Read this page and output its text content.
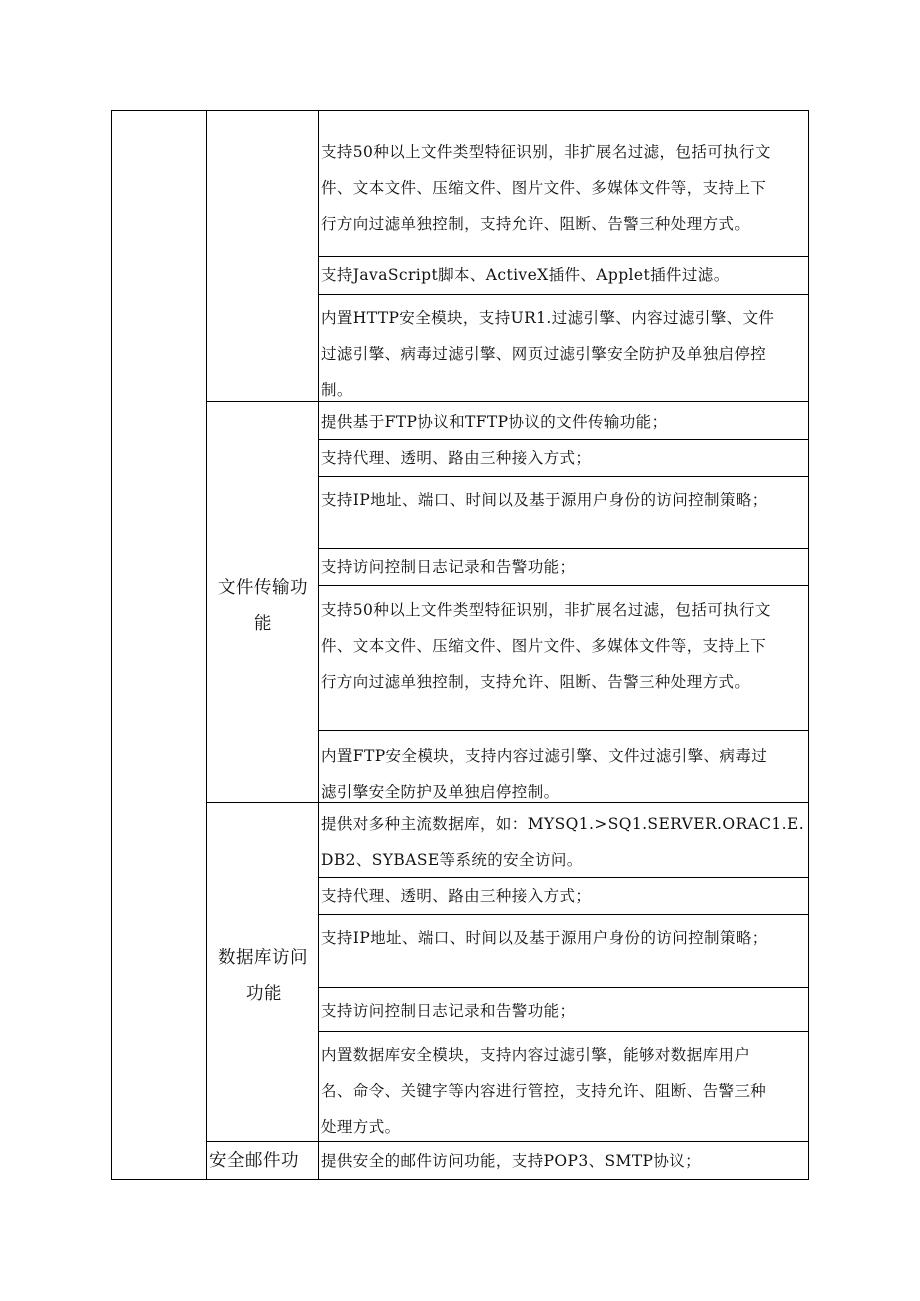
文件传输功
能
数据库访问
功能
安全邮件功
支持50种以上文件类型特征识别，非扩展名过滤，包括可执行文
件、文本文件、压缩文件、图片文件、多媒体文件等，支持上下
行方向过滤单独控制，支持允许、阻断、告警三种处理方式。
支持JavaScript脚本、ActiveX插件、Applet插件过滤。
内置HTTP安全模块，支持UR1.过滤引擎、内容过滤引擎、文件
过滤引擎、病毒过滤引擎、网页过滤引擎安全防护及单独启停控
制。
提供基于FTP协议和TFTP协议的文件传输功能；
支持代理、透明、路由三种接入方式；
支持IP地址、端口、时间以及基于源用户身份的访问控制策略；
支持访问控制日志记录和告警功能；
支持50种以上文件类型特征识别，非扩展名过滤，包括可执行文
件、文本文件、压缩文件、图片文件、多媒体文件等，支持上下
行方向过滤单独控制，支持允许、阻断、告警三种处理方式。
内置FTP安全模块，支持内容过滤引擎、文件过滤引擎、病毒过
滤引擎安全防护及单独启停控制。
提供对多种主流数据库，如：MYSQ1.>SQ1.SERVER.ORAC1.E.
DB2、SYBASE等系统的安全访问。
支持代理、透明、路由三种接入方式；
支持IP地址、端口、时间以及基于源用户身份的访问控制策略；
支持访问控制日志记录和告警功能；
内置数据库安全模块，支持内容过滤引擎，能够对数据库用户
名、命令、关键字等内容进行管控，支持允许、阻断、告警三种
处理方式。
提供安全的邮件访问功能，支持POP3、SMTP协议；
